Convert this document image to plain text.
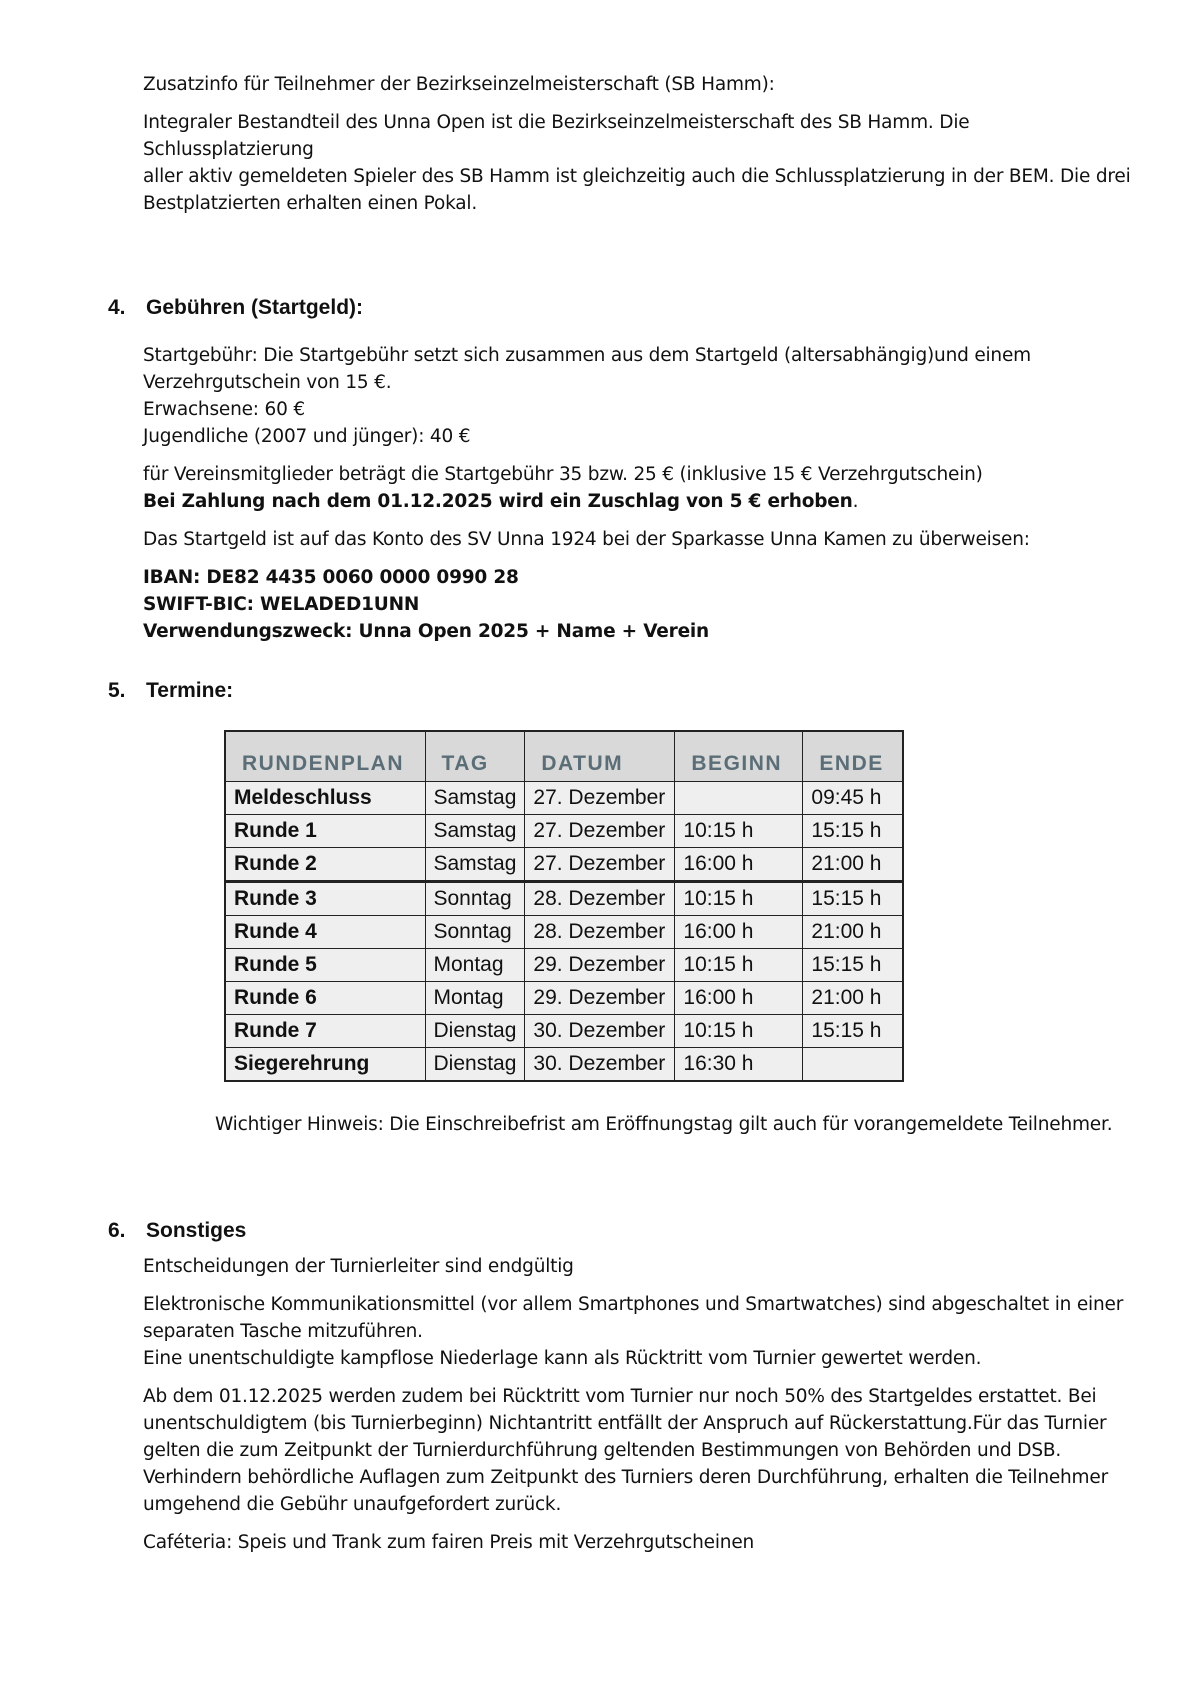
Zusatzinfo für Teilnehmer der Bezirkseinzelmeisterschaft (SB Hamm):

Integraler Bestandteil des Unna Open ist die Bezirkseinzelmeisterschaft des SB Hamm. Die Schlussplatzierung
aller aktiv gemeldeten Spieler des SB Hamm ist gleichzeitig auch die Schlussplatzierung in der BEM. Die drei
Bestplatzierten erhalten einen Pokal.

4. Gebühren (Startgeld):

Startgebühr: Die Startgebühr setzt sich zusammen aus dem Startgeld (altersabhängig)und einem
Verzehrgutschein von 15 €.
Erwachsene: 60 €
Jugendliche (2007 und jünger): 40 €

für Vereinsmitglieder beträgt die Startgebühr 35 bzw. 25 € (inklusive 15 € Verzehrgutschein)
Bei Zahlung nach dem 01.12.2025 wird ein Zuschlag von 5 € erhoben.

Das Startgeld ist auf das Konto des SV Unna 1924 bei der Sparkasse Unna Kamen zu überweisen:

IBAN: DE82 4435 0060 0000 0990 28
SWIFT-BIC: WELADED1UNN
Verwendungszweck: Unna Open 2025 + Name + Verein

5. Termine:
RUNDENPLAN	TAG	DATUM	BEGINN	ENDE
Meldeschluss	Samstag	27. Dezember		09:45 h
Runde 1	Samstag	27. Dezember	10:15 h	15:15 h
Runde 2	Samstag	27. Dezember	16:00 h	21:00 h
Runde 3	Sonntag	28. Dezember	10:15 h	15:15 h
Runde 4	Sonntag	28. Dezember	16:00 h	21:00 h
Runde 5	Montag	29. Dezember	10:15 h	15:15 h
Runde 6	Montag	29. Dezember	16:00 h	21:00 h
Runde 7	Dienstag	30. Dezember	10:15 h	15:15 h
Siegerehrung	Dienstag	30. Dezember	16:30 h	
Wichtiger Hinweis: Die Einschreibefrist am Eröffnungstag gilt auch für vorangemeldete Teilnehmer.
6. Sonstiges

Entscheidungen der Turnierleiter sind endgültig

Elektronische Kommunikationsmittel (vor allem Smartphones und Smartwatches) sind abgeschaltet in einer
separaten Tasche mitzuführen.
Eine unentschuldigte kampflose Niederlage kann als Rücktritt vom Turnier gewertet werden.

Ab dem 01.12.2025 werden zudem bei Rücktritt vom Turnier nur noch 50% des Startgeldes erstattet. Bei
unentschuldigtem (bis Turnierbeginn) Nichtantritt entfällt der Anspruch auf Rückerstattung.Für das Turnier
gelten die zum Zeitpunkt der Turnierdurchführung geltenden Bestimmungen von Behörden und DSB.
Verhindern behördliche Auflagen zum Zeitpunkt des Turniers deren Durchführung, erhalten die Teilnehmer
umgehend die Gebühr unaufgefordert zurück.

Caféteria: Speis und Trank zum fairen Preis mit Verzehrgutscheinen
